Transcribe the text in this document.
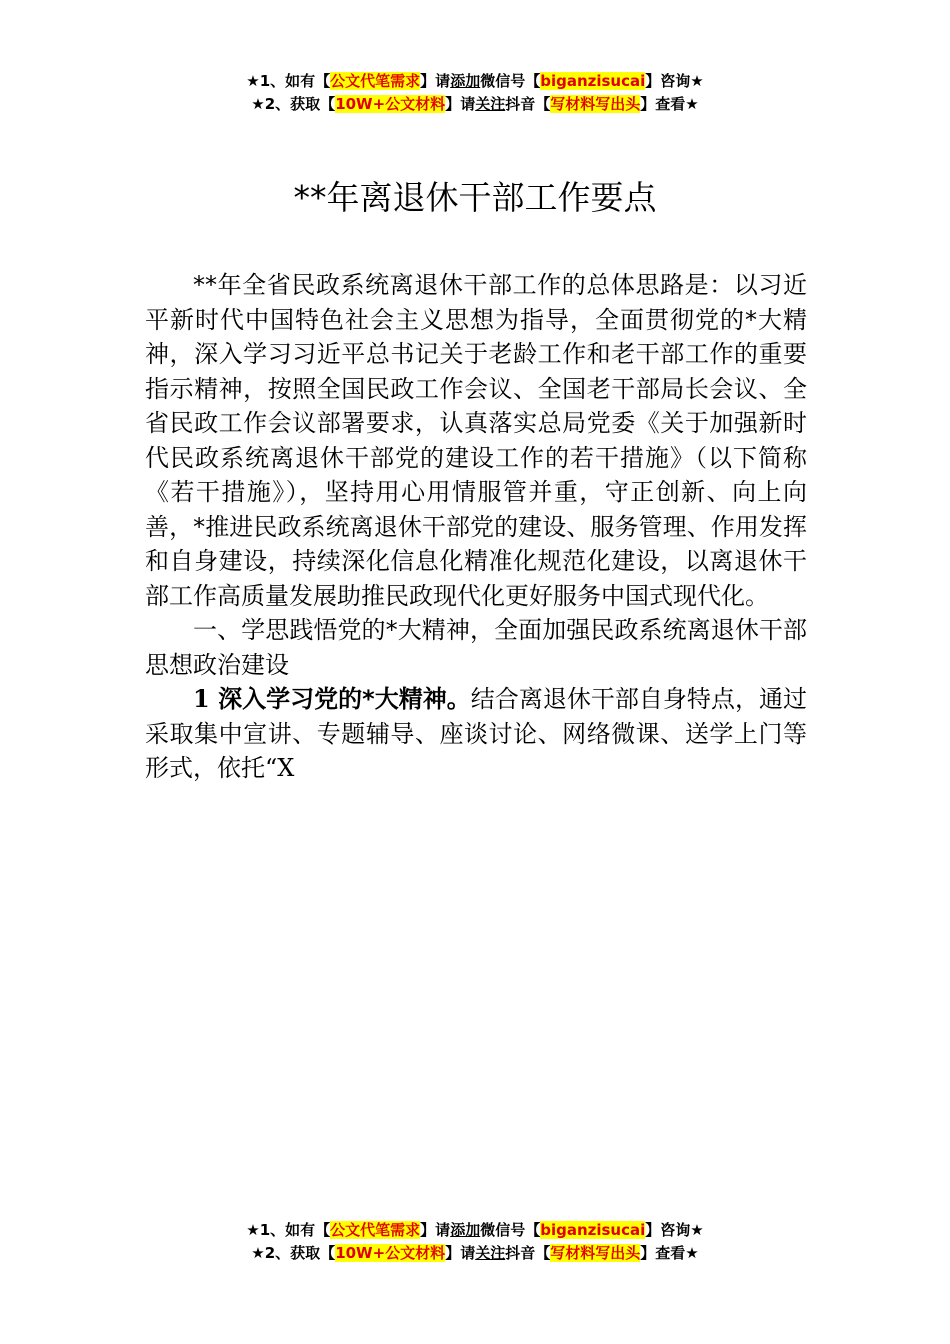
★1、如有【公文代笔需求】请添加微信号【biganzisucai】咨询★
★2、获取【10W+公文材料】请关注抖音【写材料写出头】查看★
**年离退休干部工作要点

**年全省民政系统离退休干部工作的总体思路是：以习近平新时代中国特色社会主义思想为指导，全面贯彻党的*大精神，深入学习习近平总书记关于老龄工作和老干部工作的重要指示精神，按照全国民政工作会议、全国老干部局长会议、全省民政工作会议部署要求，认真落实总局党委《关于加强新时代民政系统离退休干部党的建设工作的若干措施》（以下简称《若干措施》），坚持用心用情服管并重，守正创新、向上向善，*推进民政系统离退休干部党的建设、服务管理、作用发挥和自身建设，持续深化信息化精准化规范化建设，以离退休干部工作高质量发展助推民政现代化更好服务中国式现代化。

一、学思践悟党的*大精神，全面加强民政系统离退休干部思想政治建设

1 深入学习党的*大精神。结合离退休干部自身特点，通过采取集中宣讲、专题辅导、座谈讨论、网络微课、送学上门等形式，依托“X

★1、如有【公文代笔需求】请添加微信号【biganzisucai】咨询★
★2、获取【10W+公文材料】请关注抖音【写材料写出头】查看★
